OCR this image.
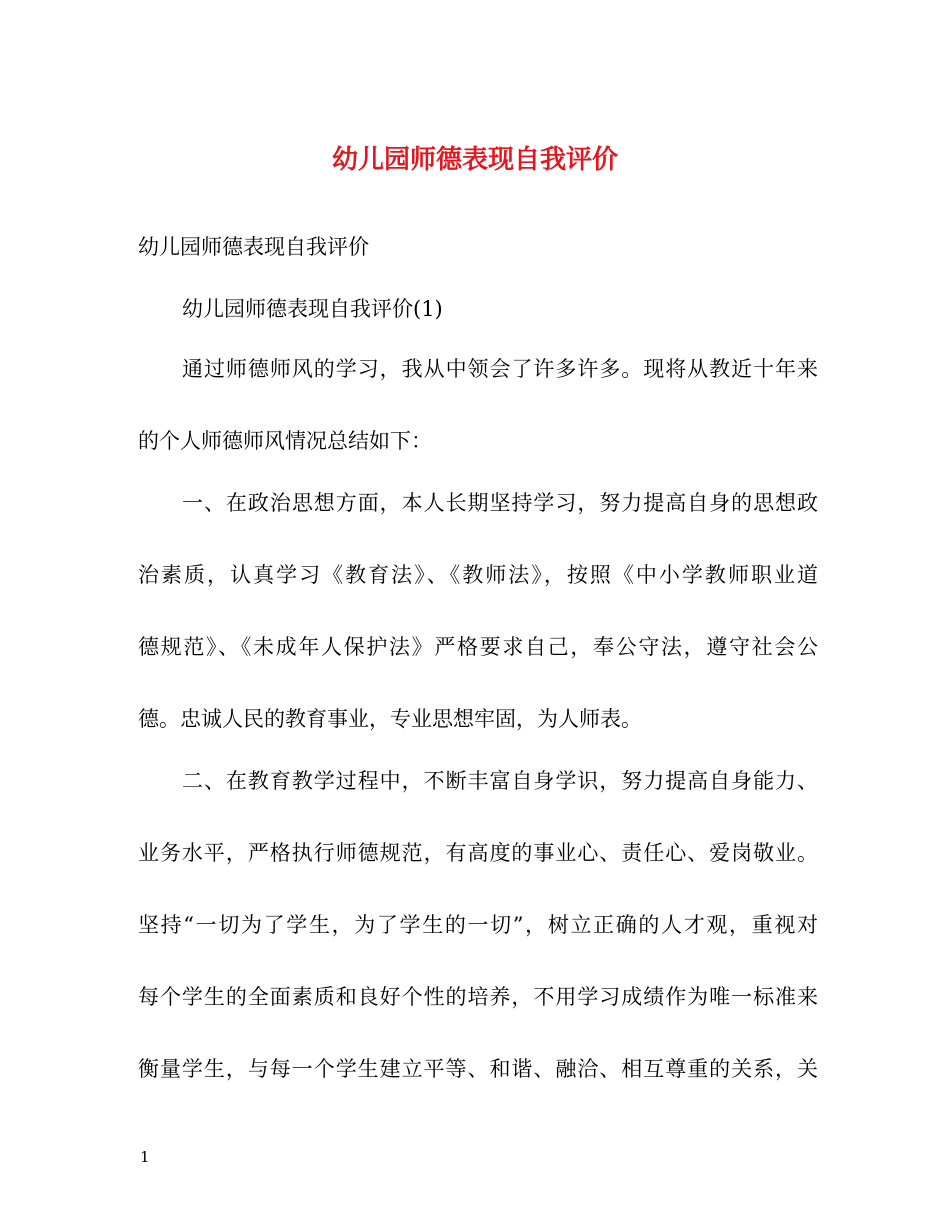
幼儿园师德表现自我评价
幼儿园师德表现自我评价
幼儿园师德表现自我评价(1)
通过师德师风的学习，我从中领会了许多许多。现将从教近十年来
的个人师德师风情况总结如下：
一、在政治思想方面，本人长期坚持学习，努力提高自身的思想政
治素质，认真学习《教育法》、《教师法》，按照《中小学教师职业道
德规范》、《未成年人保护法》严格要求自己，奉公守法，遵守社会公
德。忠诚人民的教育事业，专业思想牢固，为人师表。
二、在教育教学过程中，不断丰富自身学识，努力提高自身能力、
业务水平，严格执行师德规范，有高度的事业心、责任心、爱岗敬业。
坚持“一切为了学生，为了学生的一切”，树立正确的人才观，重视对
每个学生的全面素质和良好个性的培养，不用学习成绩作为唯一标准来
衡量学生，与每一个学生建立平等、和谐、融洽、相互尊重的关系，关
1
